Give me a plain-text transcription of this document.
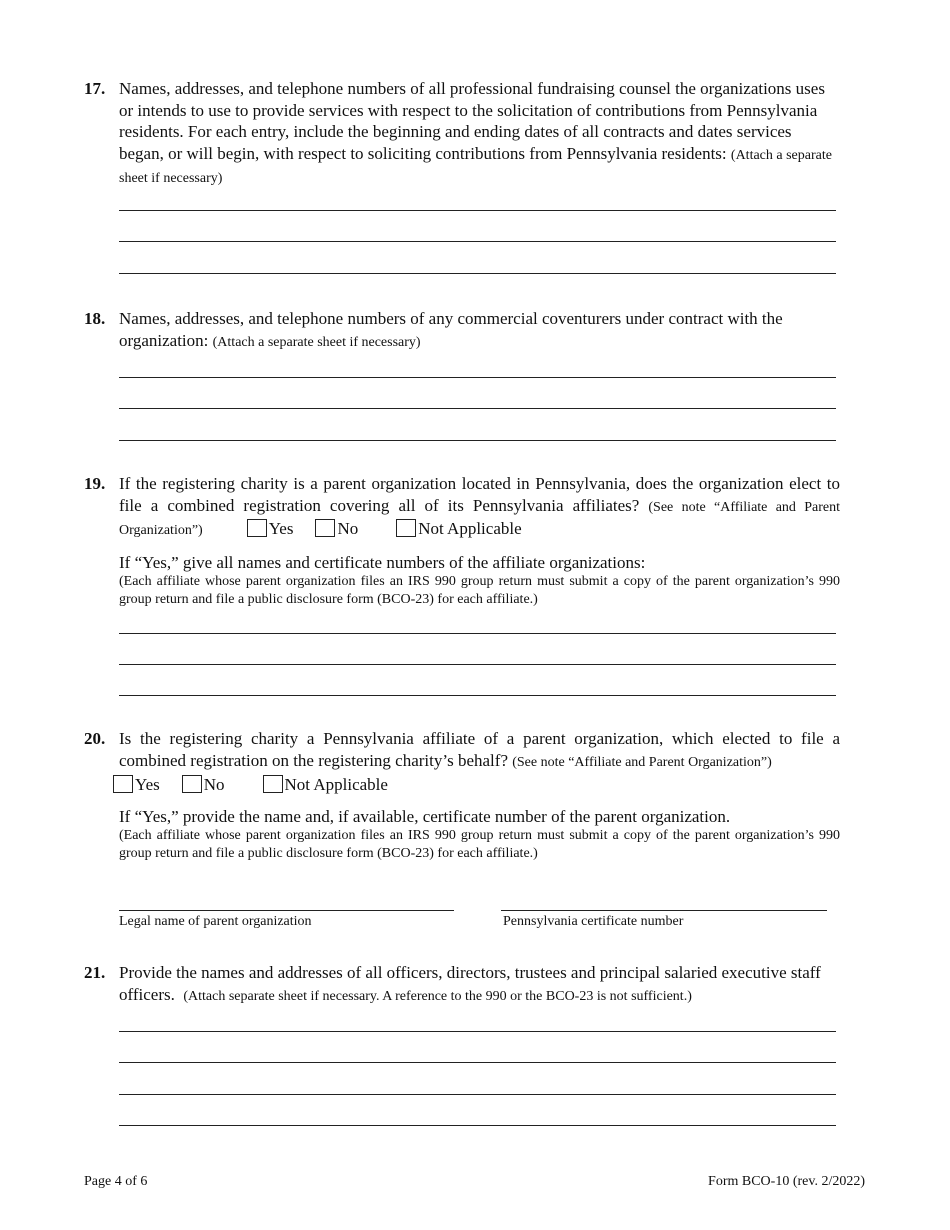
17. Names, addresses, and telephone numbers of all professional fundraising counsel the organizations uses or intends to use to provide services with respect to the solicitation of contributions from Pennsylvania residents. For each entry, include the beginning and ending dates of all contracts and dates services began, or will begin, with respect to soliciting contributions from Pennsylvania residents: (Attach a separate sheet if necessary)
18. Names, addresses, and telephone numbers of any commercial coventurers under contract with the organization: (Attach a separate sheet if necessary)
19. If the registering charity is a parent organization located in Pennsylvania, does the organization elect to file a combined registration covering all of its Pennsylvania affiliates? (See note “Affiliate and Parent Organization”)	Yes	No	Not Applicable
If “Yes,” give all names and certificate numbers of the affiliate organizations:
(Each affiliate whose parent organization files an IRS 990 group return must submit a copy of the parent organization’s 990 group return and file a public disclosure form (BCO-23) for each affiliate.)
20. Is the registering charity a Pennsylvania affiliate of a parent organization, which elected to file a combined registration on the registering charity’s behalf? (See note “Affiliate and Parent Organization”)
Yes	No	Not Applicable
If “Yes,” provide the name and, if available, certificate number of the parent organization.
(Each affiliate whose parent organization files an IRS 990 group return must submit a copy of the parent organization’s 990 group return and file a public disclosure form (BCO-23) for each affiliate.)
Legal name of parent organization	Pennsylvania certificate number
21. Provide the names and addresses of all officers, directors, trustees and principal salaried executive staff officers. (Attach separate sheet if necessary. A reference to the 990 or the BCO-23 is not sufficient.)
Page 4 of 6	Form BCO-10 (rev. 2/2022)
